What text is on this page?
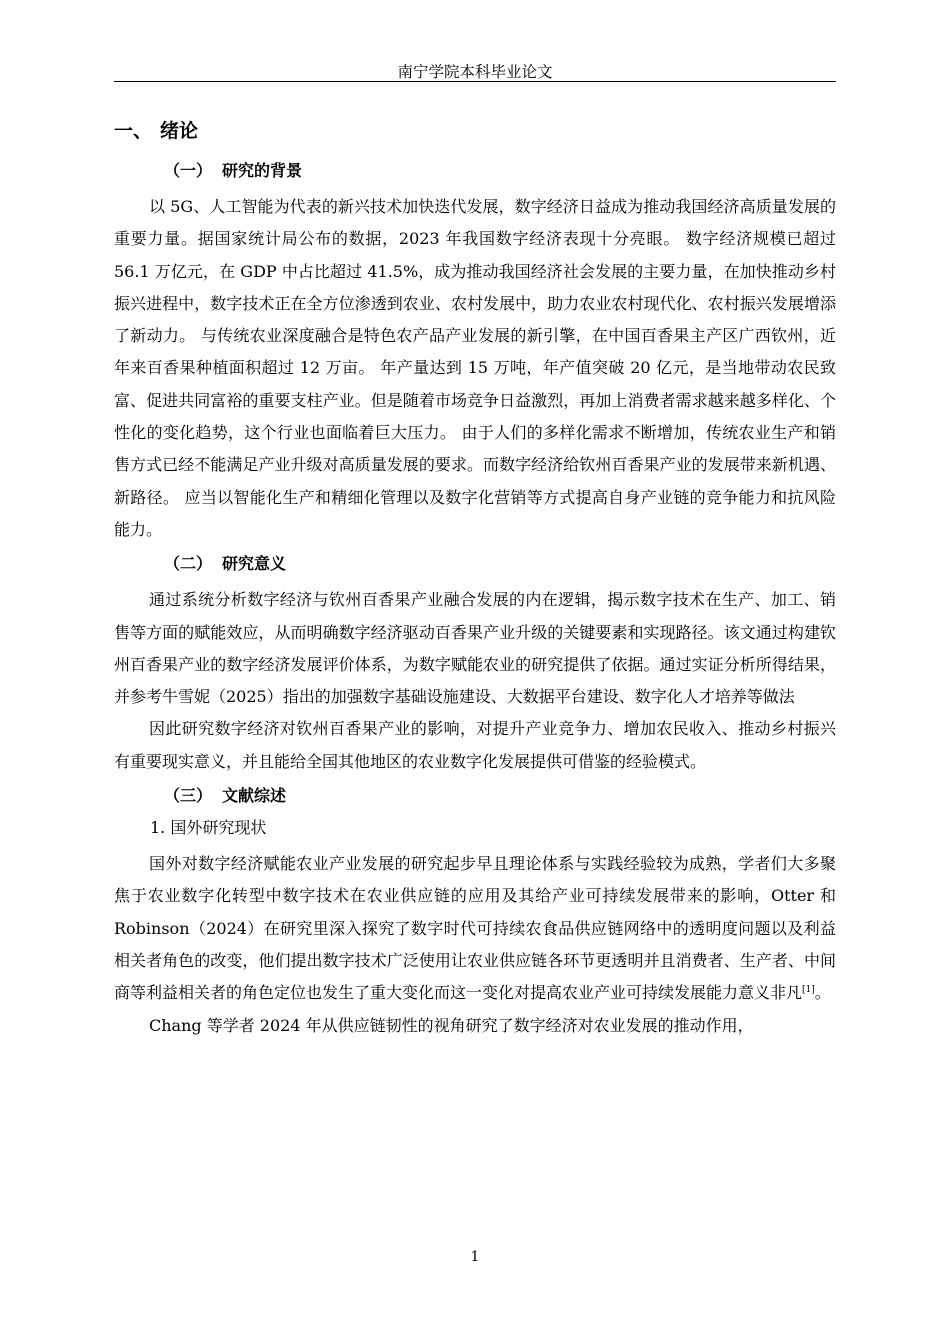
南宁学院本科毕业论文
一、 绪论
（一） 研究的背景

以 5G、人工智能为代表的新兴技术加快迭代发展，数字经济日益成为推动我国经济高质量发展的重要力量。据国家统计局公布的数据，2023 年我国数字经济表现十分亮眼。 数字经济规模已超过 56.1 万亿元，在 GDP 中占比超过 41.5%，成为推动我国经济社会发展的主要力量，在加快推动乡村振兴进程中，数字技术正在全方位渗透到农业、农村发展中，助力农业农村现代化、农村振兴发展增添了新动力。 与传统农业深度融合是特色农产品产业发展的新引擎，在中国百香果主产区广西钦州，近年来百香果种植面积超过 12 万亩。 年产量达到 15 万吨，年产值突破 20 亿元，是当地带动农民致富、促进共同富裕的重要支柱产业。但是随着市场竞争日益激烈，再加上消费者需求越来越多样化、个性化的变化趋势，这个行业也面临着巨大压力。 由于人们的多样化需求不断增加，传统农业生产和销售方式已经不能满足产业升级对高质量发展的要求。而数字经济给钦州百香果产业的发展带来新机遇、新路径。 应当以智能化生产和精细化管理以及数字化营销等方式提高自身产业链的竞争能力和抗风险能力。

（二） 研究意义

通过系统分析数字经济与钦州百香果产业融合发展的内在逻辑，揭示数字技术在生产、加工、销售等方面的赋能效应，从而明确数字经济驱动百香果产业升级的关键要素和实现路径。该文通过构建钦州百香果产业的数字经济发展评价体系，为数字赋能农业的研究提供了依据。通过实证分析所得结果，并参考牛雪妮（2025）指出的加强数字基础设施建设、大数据平台建设、数字化人才培养等做法

因此研究数字经济对钦州百香果产业的影响，对提升产业竞争力、增加农民收入、推动乡村振兴有重要现实意义，并且能给全国其他地区的农业数字化发展提供可借鉴的经验模式。

（三） 文献综述
1. 国外研究现状

国外对数字经济赋能农业产业发展的研究起步早且理论体系与实践经验较为成熟，学者们大多聚焦于农业数字化转型中数字技术在农业供应链的应用及其给产业可持续发展带来的影响，Otter 和 Robinson（2024）在研究里深入探究了数字时代可持续农食品供应链网络中的透明度问题以及利益相关者角色的改变，他们提出数字技术广泛使用让农业供应链各环节更透明并且消费者、生产者、中间商等利益相关者的角色定位也发生了重大变化而这一变化对提高农业产业可持续发展能力意义非凡[1]。

Chang 等学者 2024 年从供应链韧性的视角研究了数字经济对农业发展的推动作用，

1
